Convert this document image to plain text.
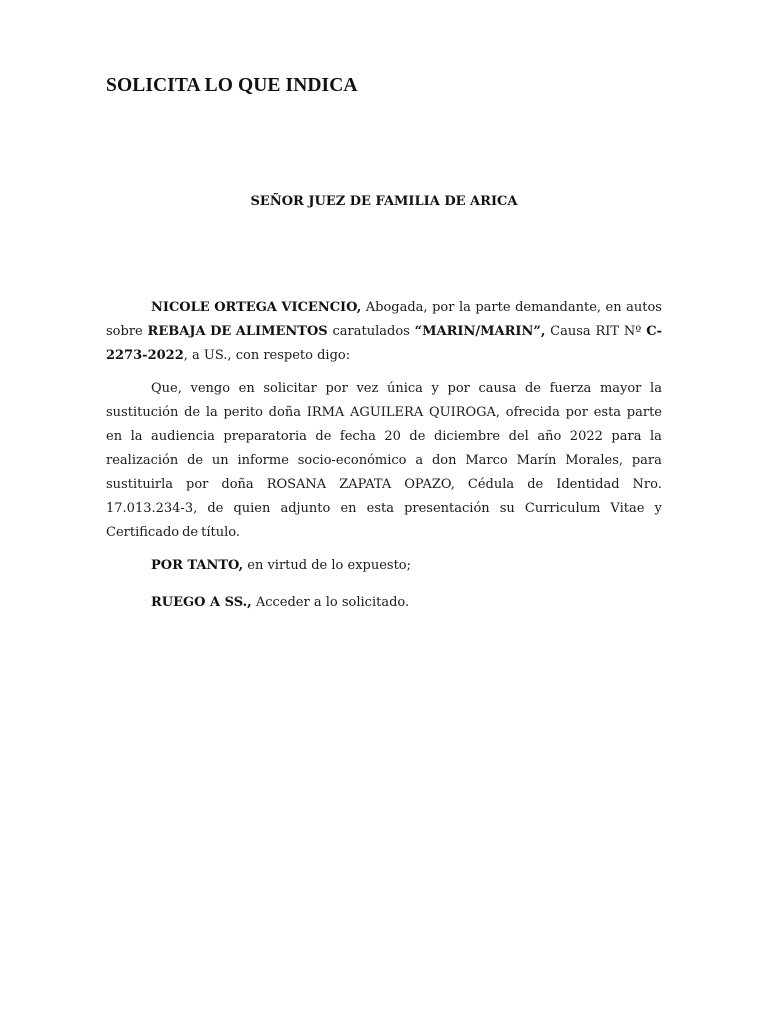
SOLICITA LO QUE INDICA

SEÑOR JUEZ DE FAMILIA DE ARICA

NICOLE ORTEGA VICENCIO, Abogada, por la parte demandante, en autos
sobre REBAJA DE ALIMENTOS caratulados “MARIN/MARIN”, Causa RIT Nº C-
2273-2022 , a US., con respeto digo:
Que, vengo en solicitar por vez única y por causa de fuerza mayor la
sustitución de la perito doña IRMA AGUILERA QUIROGA, ofrecida por esta parte
en la audiencia preparatoria de fecha 20 de diciembre del año 2022 para la
realización de un informe socio-económico a don Marco Marín Morales, para
sustituirla por doña ROSANA ZAPATA OPAZO, Cédula de Identidad Nro.
17.013.234-3, de quien adjunto en esta presentación su Curriculum Vitae y
Certificado de título.
POR TANTO, en virtud de lo expuesto;
RUEGO A SS., Acceder a lo solicitado.
